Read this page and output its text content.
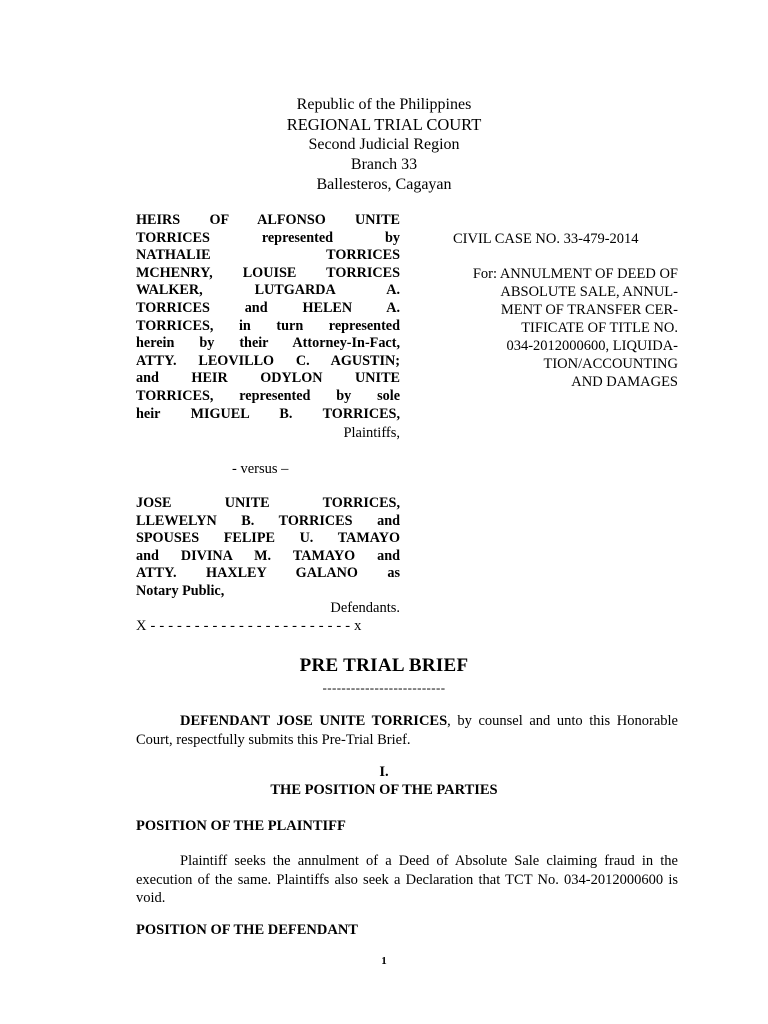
Republic of the Philippines
REGIONAL TRIAL COURT
Second Judicial Region
Branch 33
Ballesteros, Cagayan
HEIRS OF ALFONSO UNITE
TORRICES represented by
NATHALIE TORRICES
MCHENRY, LOUISE TORRICES
WALKER, LUTGARDA A.
TORRICES and HELEN A.
TORRICES, in turn represented
herein by their Attorney-In-Fact,
ATTY. LEOVILLO C. AGUSTIN;
and HEIR ODYLON UNITE
TORRICES, represented by sole
heir MIGUEL B. TORRICES,
Plaintiffs,
- versus –
JOSE UNITE TORRICES,
LLEWELYN B. TORRICES and
SPOUSES FELIPE U. TAMAYO
and DIVINA M. TAMAYO and
ATTY. HAXLEY GALANO as
Notary Public,
Defendants.
X - - - - - - - - - - - - - - - - - - - - - - - x
CIVIL CASE NO. 33-479-2014
For: ANNULMENT OF DEED OF
ABSOLUTE SALE, ANNUL-
MENT OF TRANSFER CER-
TIFICATE OF TITLE NO.
034-2012000600, LIQUIDA-
TION/ACCOUNTING
AND DAMAGES
PRE TRIAL BRIEF
--------------------------
DEFENDANT JOSE UNITE TORRICES, by counsel and unto this Honorable Court, respectfully submits this Pre-Trial Brief.
I.
THE POSITION OF THE PARTIES
POSITION OF THE PLAINTIFF
Plaintiff seeks the annulment of a Deed of Absolute Sale claiming fraud in the execution of the same. Plaintiffs also seek a Declaration that TCT No. 034-2012000600 is void.
POSITION OF THE DEFENDANT
1
